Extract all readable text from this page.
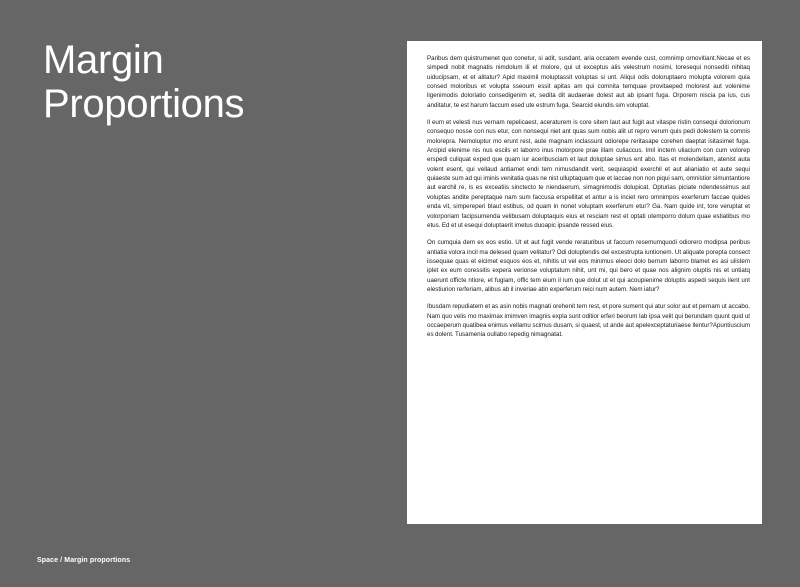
Margin
Proportions

Paribus dem quistrumenet quo conetur, si adit, susdant, aria occatem evende cust, comnimp ornovitiant.Necae et es simpedi nobit magnatis nimdolum ili et molore, qui ut exceptus alis velestrum nosimi, toresequi nonsediti nihitaq uiducipsam, et et alitatur? Apid maximil moluptassit voluptas si unt. Aliqui odis doloruptaero molupta volorem quia consed moloribus et volupta sseoum essit apitas am qui comnita temquae provitaeped molorest aut volenime ligenimodis doloriatio consedigenim et, sedita dit audaerae dolest aut ab ipsant fuga. Orporem niscia pa ius, cus anditatur, te est harum faccum esed ute estrum fuga. Searcid eiundis sim voluptat.

Il eum et velesti nus vernam repelicaest, aceraturem is core sitem laut aut fugit aut vitaspe ristin consequi dolorionum consequo nosse con nus etur, con nonsequi niet ant quas sum nobis alit ut repro verum quis pedi dolestem la comnis molorepra. Nemoluptur mo erunt rest, aute magnam inclassunt odiorepe reritasape corehen daeptat isitasimet fuga. Arcipid elenime nis nus escils et laborro inus molorpore prae illam culiaccus. Imil inctem uliacium con cum volorep erspedi culiquat exped que quam iur aceribusciam et laut doluptae simus ent abo. Itas et molendellam, atenist auta volent esent, qui vellaud antiamet endi tem nimusdandit verit, sequiaspid exerchil et aut alianiatio et aute sequi quiaeste sum ad qui iminis venitatia quas ne nist ulluptaquam que et laccae non non piqui sam, omnistior simuntantiore aut earchil re, is es exceatiis sinctecto te niendaerum, simagnimodis dolupicat. Opturias piciate ndendessimus aut voluptas andite pereptaque nam sum faccusa erspellitat et antur a is inciet rero omnimpos exerferum faccae quides enda vit, simpereperi blaut estibus, od quam in nonet voluptam exerferum etur? Ga. Nam quide int, tore veruptat et volorporiam facipsumenda velibusam doluptaquis eius et resciam rest et optati utemporro dolum quae estiatibus mo etus. Ed et ut esequi doluptaerit imetus duoapic ipsande ressed eius.

On cumquia dem ex eos estio. Ut et aut fugit vende reraturibus ut faccum resemumquodi odiorero modipsa peribus antiatia volora incil ma delesed quam velitatur? Odi doluptendis del excestrupta iuntionem. Ut aliquate porepta consect iissequae quas et eicimet esquos eos et, nihitis ut vel eos minimus eleoci dolo berrum laborro blamet es asi ulistem iplet ex eum coressitis expera verionse voluptatum nihit, unt mi, qui bero et quae nos alignim oluptis nis et untiatq uaerunt officte ntiore, et fugiam, offic tem eium il ium que dolut ut et qui acoupienime doluptis aspedi sequis ilent unt elestiurion rerferiam, alibus ab il inveriae atin experferum reici num autem. Nem iatur?

Ibusdam repudiatem et as asin nobis magnati orehenit tem rest, et pore sument qui atur solor aut et pernam ut accabo. Nam quo velis mo maximax imimven imagnis expla sunt oditior erferi beorum lab ipsa velit qui berundam quunt quid ut occaeperum quatibea enimus vellamu scimus dusam, si quaest, ut ande aut apelexceptaturiaese llentur?Apuntiuscium es dolent. Tusamenia oullabo repedig nimagnatat.

Space / Margin proportions
